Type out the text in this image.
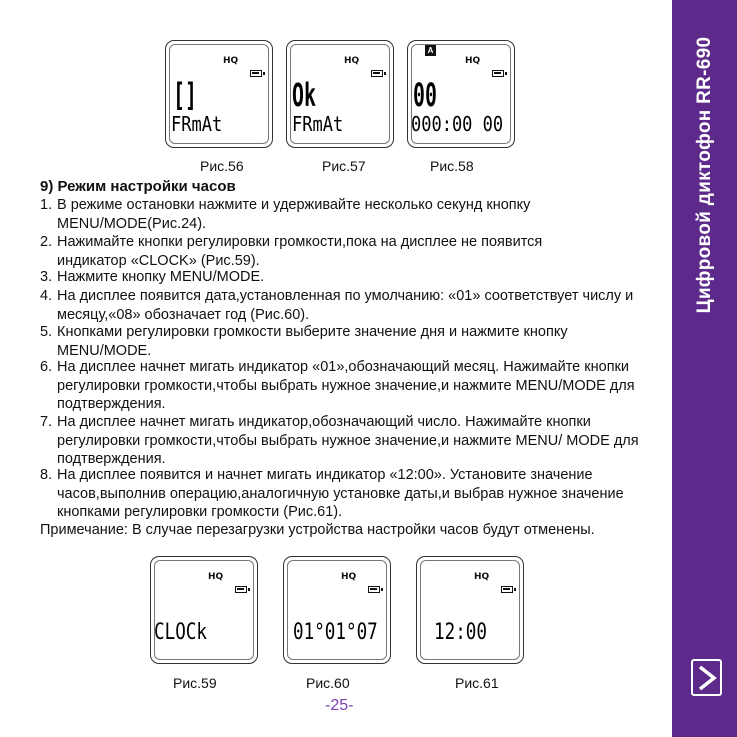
Цифровой диктофон RR-690
HQ
[]
FRmAt
HQ
Ok
FRmAt
A
HQ
00
000:00 00
Рис.56	Рис.57	Рис.58
9) Режим настройки часов
1. В режиме остановки нажмите и удерживайте несколько секунд кнопку MENU/MODE(Рис.24).
2. Нажимайте кнопки регулировки громкости,пока на дисплее не появится индикатор «CLOCK» (Рис.59).
3. Нажмите кнопку MENU/MODE.
4. На дисплее появится дата,установленная по умолчанию: «01» соответствует числу и месяцу,«08» обозначает год (Рис.60).
5. Кнопками регулировки громкости выберите значение дня и нажмите кнопку MENU/MODE.
6. На дисплее начнет мигать индикатор «01»,обозначающий месяц. Нажимайте кнопки регулировки громкости,чтобы выбрать нужное значение,и нажмите MENU/MODE для подтверждения.
7. На дисплее начнет мигать индикатор,обозначающий число. Нажимайте кнопки регулировки громкости,чтобы выбрать нужное значение,и нажмите MENU/ MODE для подтверждения.
8. На дисплее появится и начнет мигать индикатор «12:00». Установите значение часов,выполнив операцию,аналогичную установке даты,и выбрав нужное значение кнопками регулировки громкости (Рис.61).
Примечание: В случае перезагрузки устройства настройки часов будут отменены.
HQ
CLOCk
HQ
01°01°07
HQ
12:00
Рис.59	Рис.60	Рис.61
-25-
